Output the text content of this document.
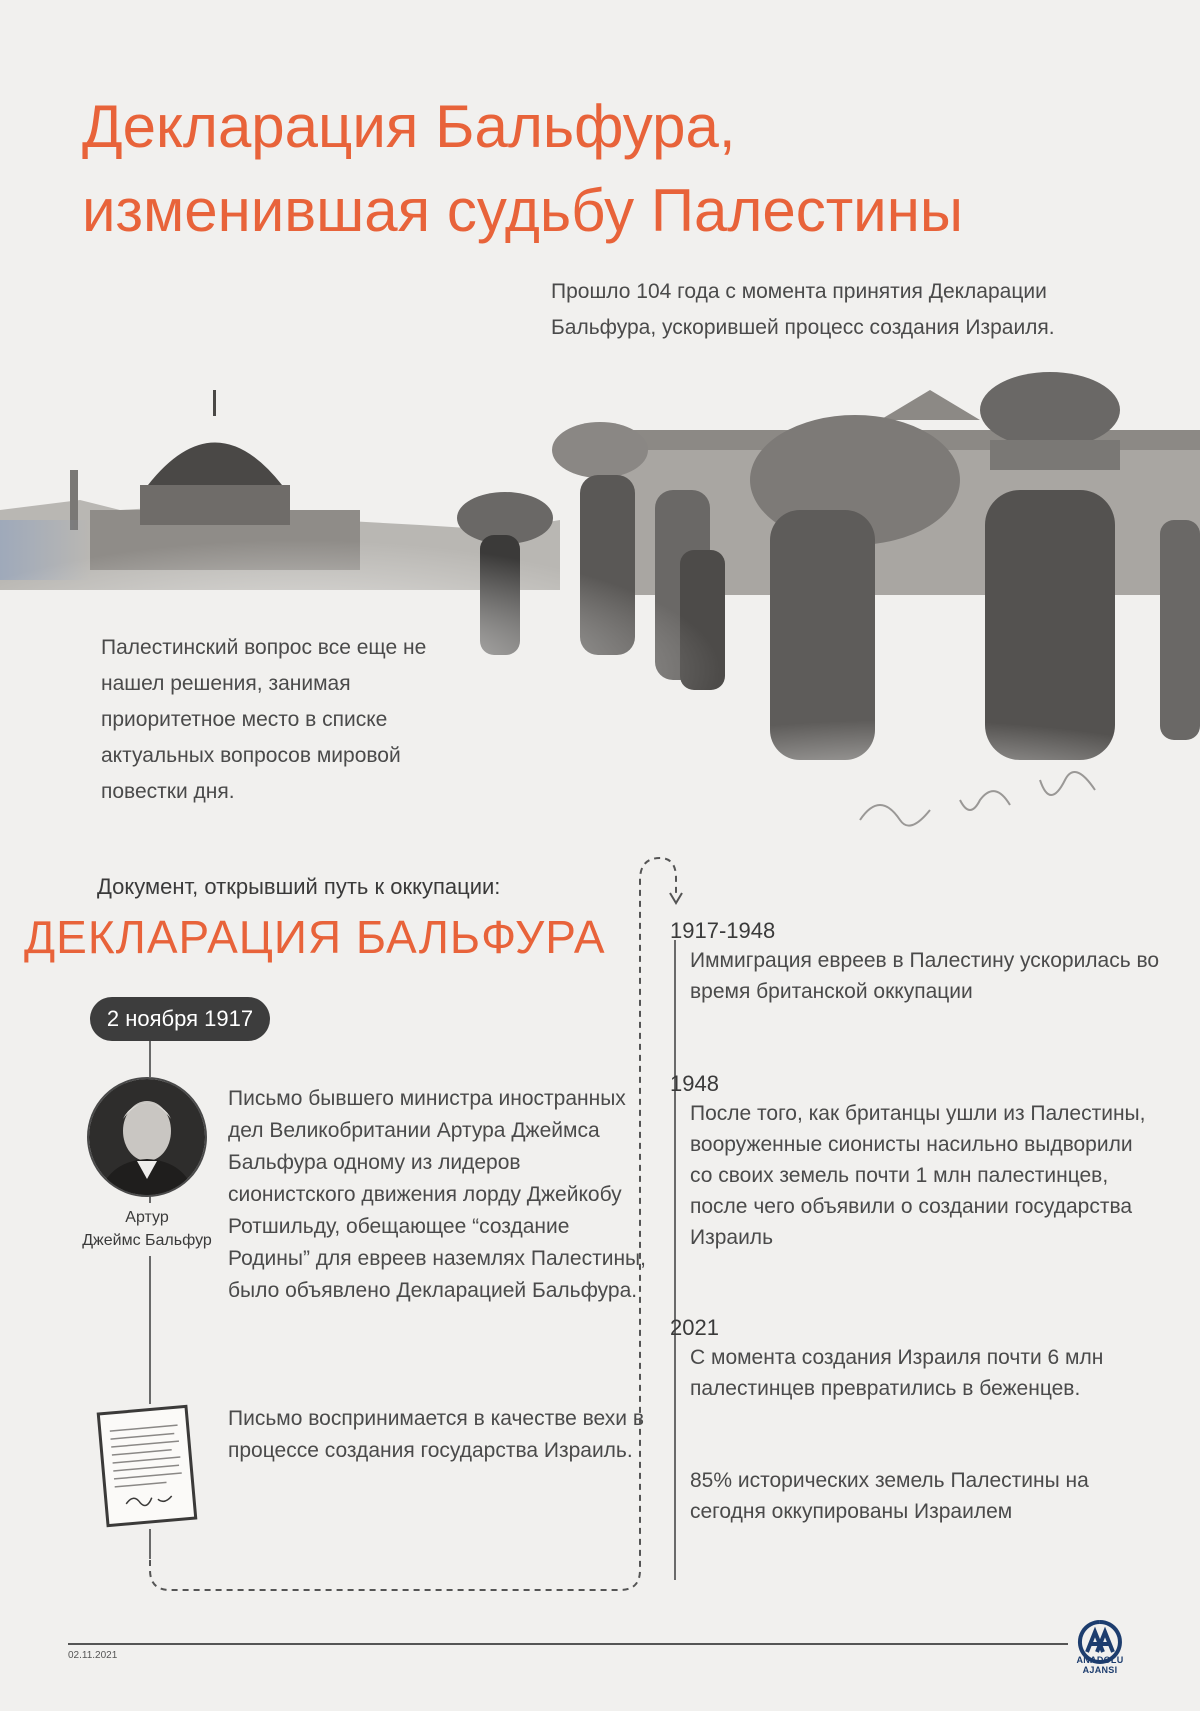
Декларация Бальфура,
изменившая судьбу Палестины
Прошло 104 года с момента принятия Декларации Бальфура, ускорившей процесс создания Израиля.
Палестинский вопрос все еще не нашел решения, занимая приоритетное место в списке актуальных вопросов мировой повестки дня.
Документ, открывший путь к оккупации:
ДЕКЛАРАЦИЯ БАЛЬФУРА
2 ноября 1917
Артур
Джеймс Бальфур
Письмо бывшего министра иностранных дел Великобритании Артура Джеймса Бальфура одному из лидеров сионистского движения лорду Джейкобу Ротшильду, обещающее “создание Родины” для евреев наземлях Палестины, было объявлено Декларацией Бальфура.
Письмо воспринимается в качестве вехи в процессе создания государства Израиль.
1917-1948
Иммиграция евреев в Палестину ускорилась во время британской оккупации
1948
После того, как британцы ушли из Палестины, вооруженные сионисты насильно выдворили со своих земель почти 1 млн палестинцев, после чего объявили о создании государства Израиль
2021
С момента создания Израиля почти 6 млн палестинцев превратились в беженцев.
85% исторических земель Палестины на сегодня оккупированы Израилем
02.11.2021	ANADOLU AJANSI
